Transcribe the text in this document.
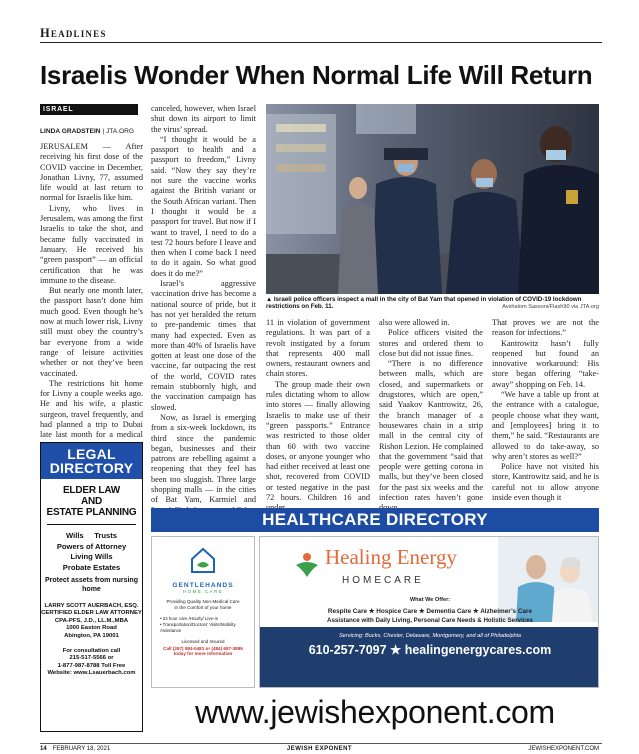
Headlines
Israelis Wonder When Normal Life Will Return
ISRAEL
LINDA GRADSTEIN | JTA.ORG

JERUSALEM — After receiving his first dose of the COVID vaccine in December, Jonathan Livny, 77, assumed life would at last return to normal for Israelis like him.

Livny, who lives in Jerusalem, was among the first Israelis to take the shot, and became fully vaccinated in January. He received his “green passport” — an official certification that he was immune to the disease.

But nearly one month later, the passport hasn’t done him much good. Even though he’s now at much lower risk, Livny still must obey the country’s bar everyone from a wide range of leisure activities whether or not they’ve been vaccinated.

The restrictions hit home for Livny a couple weeks ago. He and his wife, a plastic surgeon, travel frequently, and had planned a trip to Dubai late last month for a medical

canceled, however, when Israel shut down its airport to limit the virus’ spread.

“I thought it would be a passport to health and a passport to freedom,” Livny said. “Now they say they’re not sure the vaccine works against the British variant or the South African variant. Then I thought it would be a passport for travel. But now if I want to travel, I need to do a test 72 hours before I leave and then when I come back I need to do it again. So what good does it do me?”

Israel’s aggressive vaccination drive has become a national source of pride, but it has not yet heralded the return to pre-pandemic times that many had expected. Even as more than 40% of Israelis have gotten at least one dose of the vaccine, far outpacing the rest of the world, COVID rates remain stubbornly high, and the vaccination campaign has slowed.

Now, as Israel is emerging from a six-week lockdown, its third since the pandemic began, businesses and their patrons are rebelling against a reopening that they feel has been too sluggish. Three large shopping malls — in the cities of Bat Yam, Karmiel and

▲ Israeli police officers inspect a mall in the city of Bat Yam that opened in violation of COVID-19 lockdown restrictions on Feb. 11.	Avshalom Sassoni/Flash90 via JTA.org

11 in violation of government regulations. It was part of a revolt instigated by a forum that represents 400 mall owners, restaurant owners and chain stores.

The group made their own rules dictating whom to allow into stores — finally allowing Israelis to make use of their “green passports.” Entrance was restricted to those older than 60 with two vaccine doses, or anyone younger who had either received at least one shot, recovered from COVID or tested negative in the past 72 hours. Children 16 and

also were allowed in.

Police officers visited the stores and ordered them to close but did not issue fines.

“There is no difference between malls, which are closed, and supermarkets or drugstores, which are open,” said Yaakov Kantrowitz, 26, the branch manager of a housewares chain in a strip mall in the central city of Rishon Lezion. He complained that the government “said that people were getting corona in malls, but they’ve been closed for the past six weeks and the infection rates haven’t gone

That proves we are not the reason for infections.”

Kantrowitz hasn’t fully reopened but found an innovative workaround: His store began offering “take-away” shopping on Feb. 14.

“We have a table up front at the entrance with a catalogue, people choose what they want, and [employees] bring it to them,” he said. “Restaurants are allowed to do take-away, so why aren’t stores as well?”

Police have not visited his store, Kantrowitz said, and he is careful not to allow anyone inside even though it

LEGAL
DIRECTORY
ELDER LAW
AND
ESTATE PLANNING
Wills     Trusts
Powers of Attorney
Living Wills
Probate Estates
Protect assets from nursing home
LARRY SCOTT AUERBACH, ESQ.
CERTIFIED ELDER LAW ATTORNEY
CPA-PFS, J.D., LL.M.,MBA
1000 Easton Road
Abington, PA 19001
For consultation call
215-517-5566 or
1-877-987-8788 Toll Free
Website: www.Lsauerbach.com
HEALTHCARE DIRECTORY
GENTLEHANDS
HOME CARE
Providing Quality Non-Medical Care
in the Comfort of your home
• 24 hour care /Hourly/ Live-In
• Transportation/Doctors’ Visits/Mobility Assistance
Licensed and Insured
Call (267) 584-0481 or (484) 687-3895
today for more information
Healing Energy
HOMECARE
What We Offer:
Respite Care ★ Hospice Care ★ Dementia Care ★ Alzheimer’s Care
Assistance with Daily Living, Personal Care Needs & Holistic Services
Servicing: Bucks, Chester, Delaware, Montgomery, and all of Philadelphia
610-257-7097 ★ healingenergycares.com
www.jewishexponent.com
14 FEBRUARY 18, 2021	JEWISH EXPONENT	JEWISHEXPONENT.COM
